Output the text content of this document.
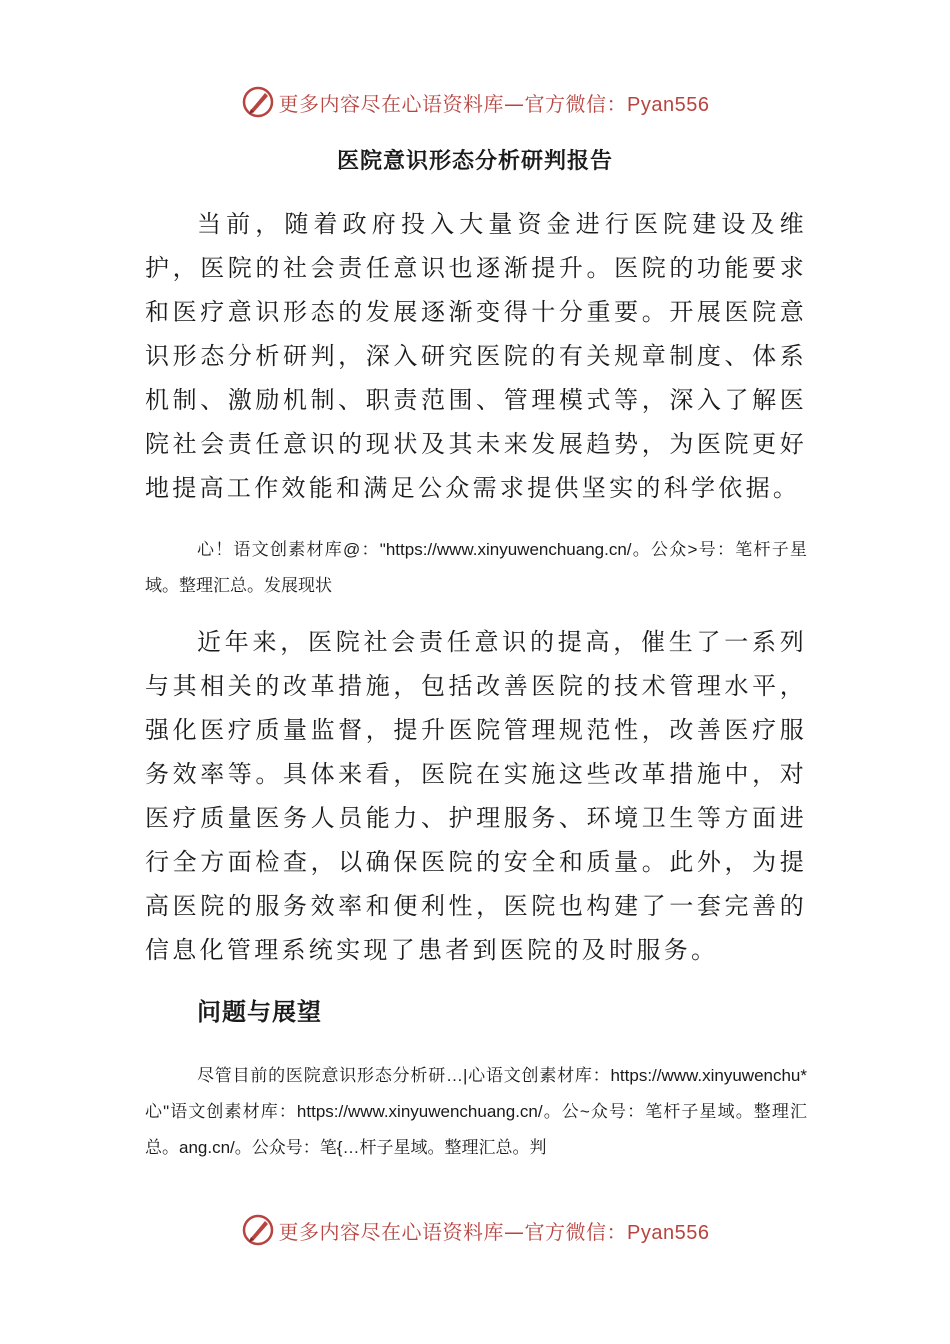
更多内容尽在心语资料库—官方微信：Pyan556
医院意识形态分析研判报告

当前，随着政府投入大量资金进行医院建设及维护，医院的社会责任意识也逐渐提升。医院的功能要求和医疗意识形态的发展逐渐变得十分重要。开展医院意识形态分析研判，深入研究医院的有关规章制度、体系机制、激励机制、职责范围、管理模式等，深入了解医院社会责任意识的现状及其未来发展趋势，为医院更好地提高工作效能和满足公众需求提供坚实的科学依据。

心！语文创素材库@："https://www.xinyuwenchuang.cn/。公众>号：笔杆子星域。整理汇总。发展现状

近年来，医院社会责任意识的提高，催生了一系列与其相关的改革措施，包括改善医院的技术管理水平，强化医疗质量监督，提升医院管理规范性，改善医疗服务效率等。具体来看，医院在实施这些改革措施中，对医疗质量医务人员能力、护理服务、环境卫生等方面进行全方面检查，以确保医院的安全和质量。此外，为提高医院的服务效率和便利性，医院也构建了一套完善的信息化管理系统实现了患者到医院的及时服务。

问题与展望

尽管目前的医院意识形态分析研…|心语文创素材库：https://www.xinyuwenchu*心"语文创素材库：https://www.xinyuwenchuang.cn/。公~众号：笔杆子星域。整理汇总。ang.cn/。公众号：笔{…杆子星域。整理汇总。判

更多内容尽在心语资料库—官方微信：Pyan556
